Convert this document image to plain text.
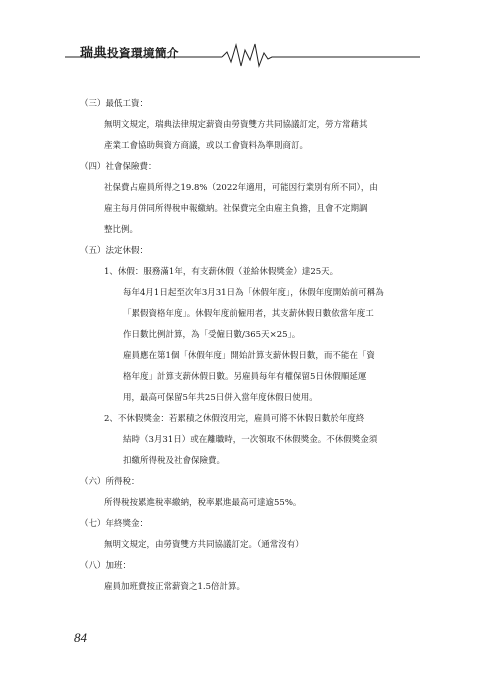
瑞典投資環境簡介
（三）最低工資：
無明文規定，瑞典法律規定薪資由勞資雙方共同協議訂定，勞方常藉其
產業工會協助與資方商議，或以工會資料為準則商訂。
（四）社會保險費：
社保費占雇員所得之19.8%（2022年適用，可能因行業別有所不同），由
雇主每月併同所得稅申報繳納。社保費完全由雇主負擔，且會不定期調
整比例。
（五）法定休假：
1、休假：服務滿1年，有支薪休假（並給休假獎金）達25天。
每年4月1日起至次年3月31日為「休假年度」，休假年度開始前可稱為
「累假資格年度」。休假年度前僱用者，其支薪休假日數依當年度工
作日數比例計算，為「受僱日數/365天×25」。
雇員應在第1個「休假年度」開始計算支薪休假日數，而不能在「資
格年度」計算支薪休假日數。另雇員每年有權保留5日休假順延運
用，最高可保留5年共25日併入當年度休假日使用。
2、不休假獎金：若累積之休假沒用完，雇員可將不休假日數於年度終
結時（3月31日）或在離職時，一次領取不休假獎金。不休假獎金須
扣繳所得稅及社會保險費。
（六）所得稅：
所得稅按累進稅率繳納，稅率累進最高可達逾55%。
（七）年終獎金：
無明文規定，由勞資雙方共同協議訂定。（通常沒有）
（八）加班：
雇員加班費按正常薪資之1.5倍計算。
84
